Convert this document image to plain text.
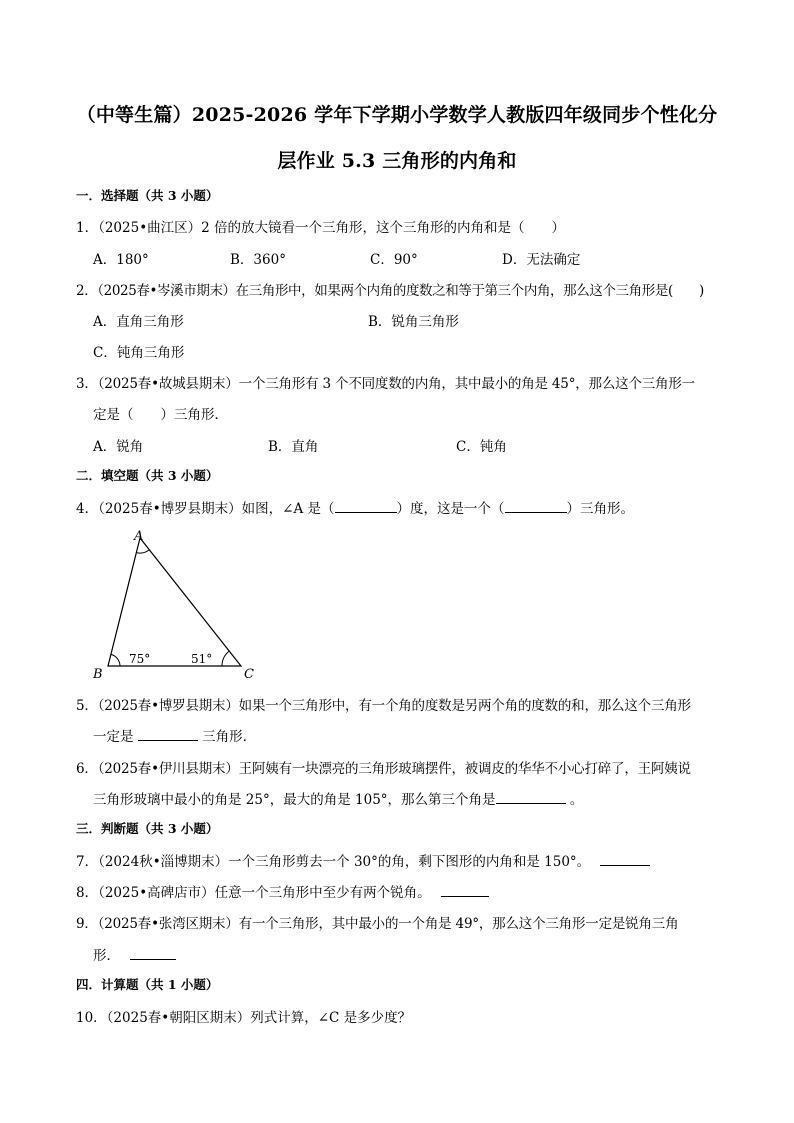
（中等生篇）2025-2026 学年下学期小学数学人教版四年级同步个性化分
层作业 5.3 三角形的内角和
一．选择题（共 3 小题）
1．（2025•曲江区）2 倍的放大镜看一个三角形，这个三角形的内角和是（　　）
A．180°	B．360°	C．90°	D．无法确定
2．（2025春•岑溪市期末）在三角形中，如果两个内角的度数之和等于第三个内角，那么这个三角形是(　　)
A．直角三角形	B．锐角三角形
C．钝角三角形
3．（2025春•故城县期末）一个三角形有 3 个不同度数的内角，其中最小的角是 45°，那么这个三角形一
定是（　　）三角形．
A．锐角	B．直角	C．钝角
二．填空题（共 3 小题）
4．（2025春•博罗县期末）如图，∠A 是（	）度，这是一个（	）三角形。
A
B	C
75°	51°
5．（2025春•博罗县期末）如果一个三角形中，有一个角的度数是另两个角的度数的和，那么这个三角形
一定是	三角形．
6．（2025春•伊川县期末）王阿姨有一块漂亮的三角形玻璃摆件，被调皮的华华不小心打碎了，王阿姨说
三角形玻璃中最小的角是 25°，最大的角是 105°，那么第三个角是	。
三．判断题（共 3 小题）
7．（2024秋•淄博期末）一个三角形剪去一个 30°的角，剩下图形的内角和是 150°。
8．（2025•高碑店市）任意一个三角形中至少有两个锐角。
9．（2025春•张湾区期末）有一个三角形，其中最小的一个角是 49°，那么这个三角形一定是锐角三角
形．
四．计算题（共 1 小题）
10．（2025春•朝阳区期末）列式计算，∠C 是多少度？
